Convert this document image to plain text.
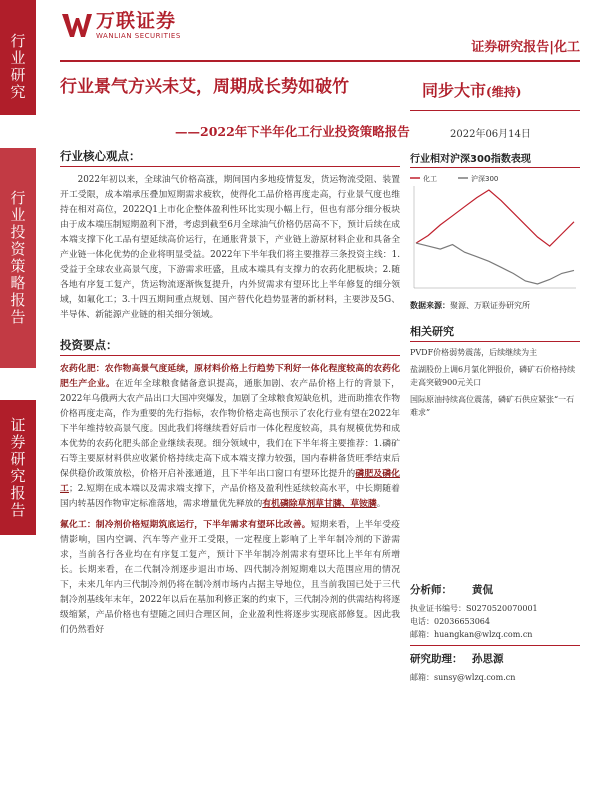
行业研究
行业投资策略报告
证券研究报告
万联证券
WANLIAN SECURITIES
证券研究报告|化工
行业景气方兴未艾，周期成长势如破竹
——2022年下半年化工行业投资策略报告
同步大市(维持)
2022年06月14日
行业核心观点：

2022年初以来，全球油气价格高涨，期间国内多地疫情复发，货运物流受阻、装置开工受限，成本端承压叠加短期需求疲软，使得化工品价格再度走高，行业景气度也维持在相对高位，2022Q1上市化企整体盈利性环比实现小幅上行，但也有部分细分板块由于成本端压制短期盈利下滑，考虑到截至6月全球油气价格仍居高不下，预计后续在成本端支撑下化工品有望延续高价运行，在通胀背景下，产业链上游原材料企业和具备全产业链一体化优势的企业将明显受益。2022年下半年我们将主要推荐三条投资主线：1.受益于全球农业高景气度，下游需求旺盛，且成本端具有支撑力的农药化肥板块；2.随各地有序复工复产，货运物流逐渐恢复提升，内外贸需求有望环比上半年修复的细分领域，如氟化工；3.十四五期间重点规划、国产替代化趋势显著的新材料，主要涉及5G、半导体、新能源产业链的相关细分领域。

投资要点：

农药化肥：农作物高景气度延续，原材料价格上行趋势下利好一体化程度较高的农药化肥生产企业。在近年全球粮食储备意识提高，通胀加剧、农产品价格上行的背景下，2022年乌俄两大农产品出口大国冲突爆发，加剧了全球粮食短缺危机，进而助推农作物价格再度走高，作为重要的先行指标，农作物价格走高也预示了农化行业有望在2022年下半年维持较高景气度。因此我们将继续看好后市一体化程度较高，具有规模优势和成本优势的农药化肥头部企业继续表现。细分领域中，我们在下半年将主要推荐：1.磷矿石等主要原材料供应收紧价格持续走高下成本端支撑力较强，国内春耕备货旺季结束后保供稳价政策放松，价格开启补涨通道，且下半年出口窗口有望环比提升的磷肥及磷化工；2.短期在成本端以及需求端支撑下，产品价格及盈利性延续较高水平，中长期随着国内转基因作物审定标准落地，需求增量优先释放的有机磷除草剂草甘膦、草铵膦。

氟化工：制冷剂价格短期筑底运行，下半年需求有望环比改善。短期来看，上半年受疫情影响，国内空调、汽车等产业开工受限，一定程度上影响了上半年制冷剂的下游需求，当前各行各业均在有序复工复产，预计下半年制冷剂需求有望环比上半年有所增长。长期来看，在二代制冷剂逐步退出市场、四代制冷剂短期难以大范围应用的情况下，未来几年内三代制冷剂仍将在制冷剂市场内占据主导地位，且当前我国已处于三代制冷剂基线年末年，2022年以后在基加利修正案的约束下，三代制冷剂的供需结构将逐级缩紧，产品价格也有望随之回归合理区间，企业盈利性将逐步实现底部修复。因此我们仍然看好

行业相对沪深300指数表现
化工	沪深300
数据来源：聚源、万联证券研究所
相关研究
PVDF价格弱势震荡，后续继续为主
盐湖股份上调6月氯化钾报价，磷矿石价格持续走高突破900元关口
国际原油持续高位震荡，磷矿石供应紧张“一石难求”
分析师：	黄侃
执业证书编号：S0270520070001
电话：02036653064
邮箱：huangkan@wlzq.com.cn
研究助理： 孙思源
邮箱：sunsy@wlzq.com.cn
